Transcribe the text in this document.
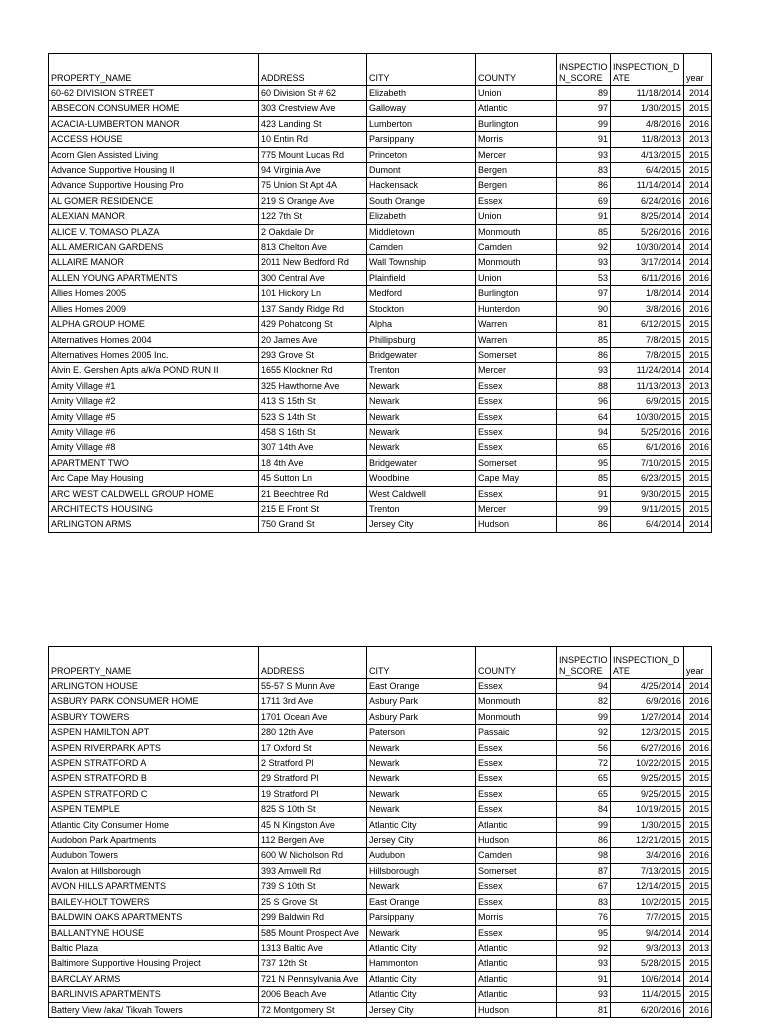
PROPERTY_NAME	ADDRESS	CITY	COUNTY	INSPECTION_SCORE	INSPECTION_DATE	year
60-62 DIVISION STREET	60 Division St # 62	Elizabeth	Union	89	11/18/2014	2014
ABSECON CONSUMER HOME	303 Crestview Ave	Galloway	Atlantic	97	1/30/2015	2015
ACACIA-LUMBERTON MANOR	423 Landing St	Lumberton	Burlington	99	4/8/2016	2016
ACCESS HOUSE	10 Entin Rd	Parsippany	Morris	91	11/8/2013	2013
Acorn Glen Assisted Living	775 Mount Lucas Rd	Princeton	Mercer	93	4/13/2015	2015
Advance Supportive Housing II	94 Virginia Ave	Dumont	Bergen	83	6/4/2015	2015
Advance Supportive Housing Pro	75 Union St Apt 4A	Hackensack	Bergen	86	11/14/2014	2014
AL GOMER RESIDENCE	219 S Orange Ave	South Orange	Essex	69	6/24/2016	2016
ALEXIAN MANOR	122 7th St	Elizabeth	Union	91	8/25/2014	2014
ALICE V. TOMASO PLAZA	2 Oakdale Dr	Middletown	Monmouth	85	5/26/2016	2016
ALL AMERICAN GARDENS	813 Chelton Ave	Camden	Camden	92	10/30/2014	2014
ALLAIRE MANOR	2011 New Bedford Rd	Wall Township	Monmouth	93	3/17/2014	2014
ALLEN YOUNG APARTMENTS	300 Central Ave	Plainfield	Union	53	6/11/2016	2016
Allies Homes 2005	101 Hickory Ln	Medford	Burlington	97	1/8/2014	2014
Allies Homes 2009	137 Sandy Ridge Rd	Stockton	Hunterdon	90	3/8/2016	2016
ALPHA GROUP HOME	429 Pohatcong St	Alpha	Warren	81	6/12/2015	2015
Alternatives Homes 2004	20 James Ave	Phillipsburg	Warren	85	7/8/2015	2015
Alternatives Homes 2005 Inc.	293 Grove St	Bridgewater	Somerset	86	7/8/2015	2015
Alvin E. Gershen Apts a/k/a POND RUN II	1655 Klockner Rd	Trenton	Mercer	93	11/24/2014	2014
Amity Village #1	325 Hawthorne Ave	Newark	Essex	88	11/13/2013	2013
Amity Village #2	413 S 15th St	Newark	Essex	96	6/9/2015	2015
Amity Village #5	523 S 14th St	Newark	Essex	64	10/30/2015	2015
Amity Village #6	458 S 16th St	Newark	Essex	94	5/25/2016	2016
Amity Village #8	307 14th Ave	Newark	Essex	65	6/1/2016	2016
APARTMENT TWO	18 4th Ave	Bridgewater	Somerset	95	7/10/2015	2015
Arc Cape May Housing	45 Sutton Ln	Woodbine	Cape May	85	6/23/2015	2015
ARC WEST CALDWELL GROUP HOME	21 Beechtree Rd	West Caldwell	Essex	91	9/30/2015	2015
ARCHITECTS HOUSING	215 E Front St	Trenton	Mercer	99	9/11/2015	2015
ARLINGTON ARMS	750 Grand St	Jersey City	Hudson	86	6/4/2014	2014
PROPERTY_NAME	ADDRESS	CITY	COUNTY	INSPECTION_SCORE	INSPECTION_DATE	year
ARLINGTON HOUSE	55-57 S Munn Ave	East Orange	Essex	94	4/25/2014	2014
ASBURY PARK CONSUMER HOME	1711 3rd Ave	Asbury Park	Monmouth	82	6/9/2016	2016
ASBURY TOWERS	1701 Ocean Ave	Asbury Park	Monmouth	99	1/27/2014	2014
ASPEN HAMILTON APT	280 12th Ave	Paterson	Passaic	92	12/3/2015	2015
ASPEN RIVERPARK APTS	17 Oxford St	Newark	Essex	56	6/27/2016	2016
ASPEN STRATFORD A	2 Stratford Pl	Newark	Essex	72	10/22/2015	2015
ASPEN STRATFORD B	29 Stratford Pl	Newark	Essex	65	9/25/2015	2015
ASPEN STRATFORD C	19 Stratford Pl	Newark	Essex	65	9/25/2015	2015
ASPEN TEMPLE	825 S 10th St	Newark	Essex	84	10/19/2015	2015
Atlantic City Consumer Home	45 N Kingston Ave	Atlantic City	Atlantic	99	1/30/2015	2015
Audobon Park Apartments	112 Bergen Ave	Jersey City	Hudson	86	12/21/2015	2015
Audubon Towers	600 W Nicholson Rd	Audubon	Camden	98	3/4/2016	2016
Avalon at Hillsborough	393 Amwell Rd	Hillsborough	Somerset	87	7/13/2015	2015
AVON HILLS APARTMENTS	739 S 10th St	Newark	Essex	67	12/14/2015	2015
BAILEY-HOLT TOWERS	25 S Grove St	East Orange	Essex	83	10/2/2015	2015
BALDWIN OAKS APARTMENTS	299 Baldwin Rd	Parsippany	Morris	76	7/7/2015	2015
BALLANTYNE HOUSE	585 Mount Prospect Ave	Newark	Essex	95	9/4/2014	2014
Baltic Plaza	1313 Baltic Ave	Atlantic City	Atlantic	92	9/3/2013	2013
Baltimore Supportive Housing Project	737 12th St	Hammonton	Atlantic	93	5/28/2015	2015
BARCLAY ARMS	721 N Pennsylvania Ave	Atlantic City	Atlantic	91	10/6/2014	2014
BARLINVIS APARTMENTS	2006 Beach Ave	Atlantic City	Atlantic	93	11/4/2015	2015
Battery View /aka/ Tikvah Towers	72 Montgomery St	Jersey City	Hudson	81	6/20/2016	2016
